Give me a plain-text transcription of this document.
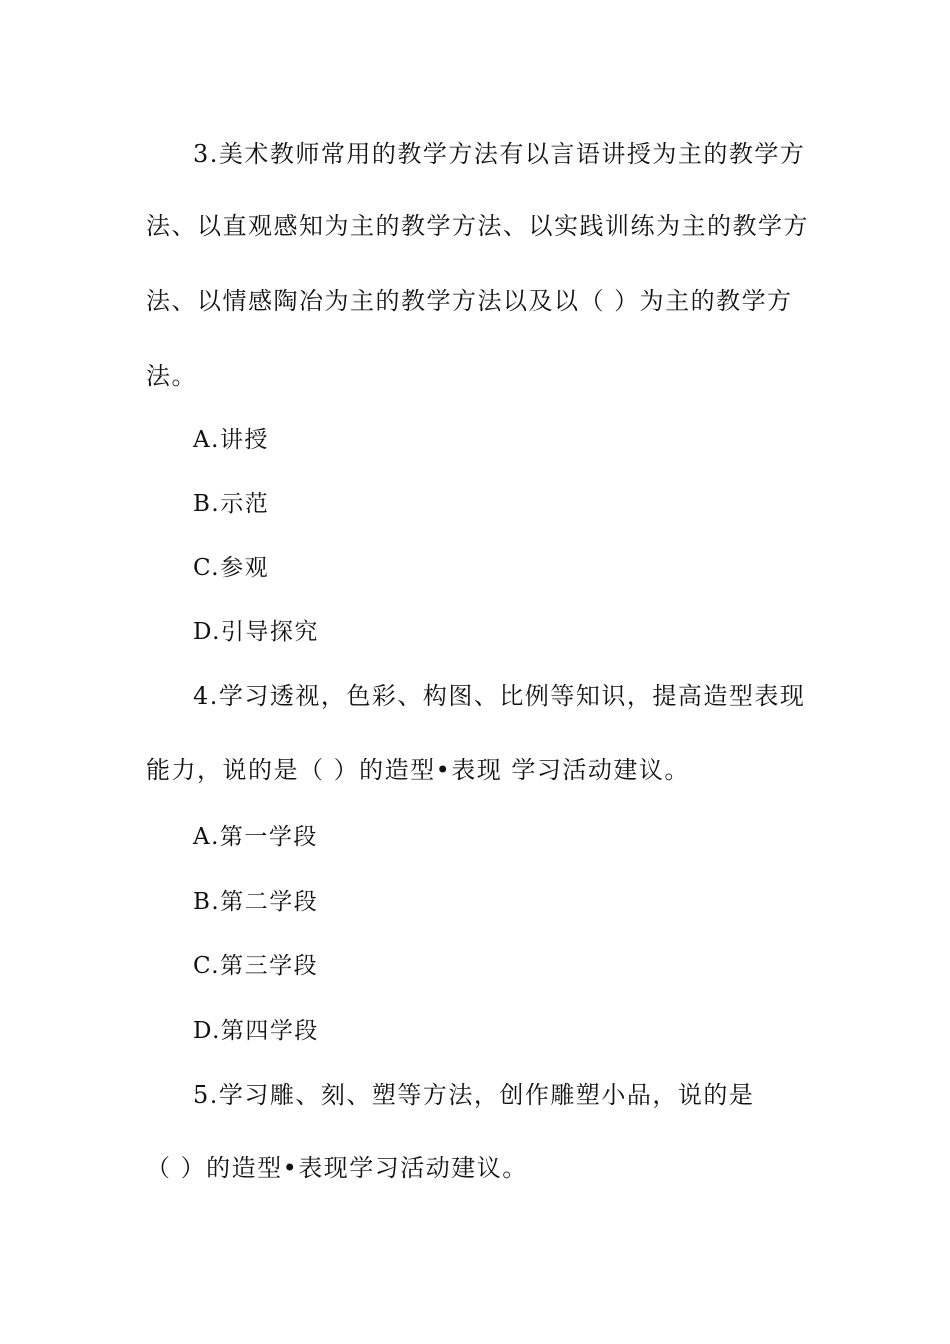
3.美术教师常用的教学方法有以言语讲授为主的教学方
法、以直观感知为主的教学方法、以实践训练为主的教学方
法、以情感陶冶为主的教学方法以及以（ ）为主的教学方
法。
A.讲授
B.示范
C.参观
D.引导探究
4.学习透视，色彩、构图、比例等知识，提高造型表现
能力，说的是（ ）的造型•表现 学习活动建议。
A.第一学段
B.第二学段
C.第三学段
D.第四学段
5.学习雕、刻、塑等方法，创作雕塑小品，说的是
（ ）的造型•表现学习活动建议。
